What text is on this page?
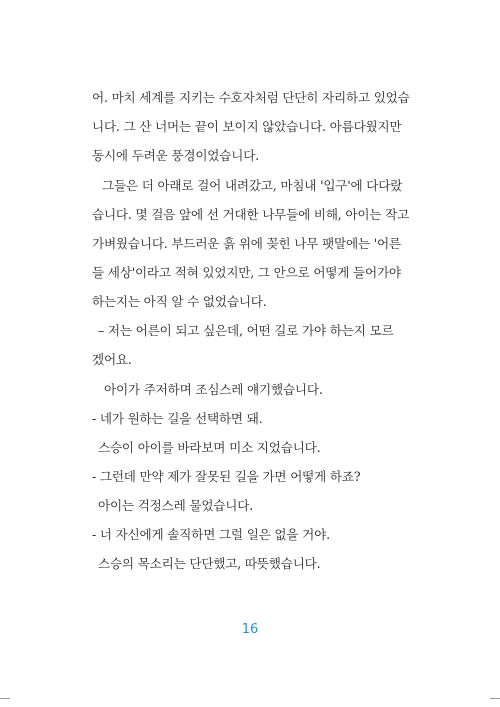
어. 마치 세계를 지키는 수호자처럼 단단히 자리하고 있었습
니다. 그 산 너머는 끝이 보이지 않았습니다. 아름다웠지만
동시에 두려운 풍경이었습니다.
그들은 더 아래로 걸어 내려갔고, 마침내 '입구'에 다다랐
습니다. 몇 걸음 앞에 선 거대한 나무들에 비해, 아이는 작고
가벼웠습니다. 부드러운 흙 위에 꽂힌 나무 팻말에는 '어른
들 세상'이라고 적혀 있었지만, 그 안으로 어떻게 들어가야
하는지는 아직 알 수 없었습니다.
– 저는 어른이 되고 싶은데, 어떤 길로 가야 하는지 모르
겠어요.
아이가 주저하며 조심스레 얘기했습니다.
- 네가 원하는 길을 선택하면 돼.
스승이 아이를 바라보며 미소 지었습니다.
- 그런데 만약 제가 잘못된 길을 가면 어떻게 하죠?
아이는 걱정스레 물었습니다.
- 너 자신에게 솔직하면 그럴 일은 없을 거야.
스승의 목소리는 단단했고, 따뜻했습니다.
16
